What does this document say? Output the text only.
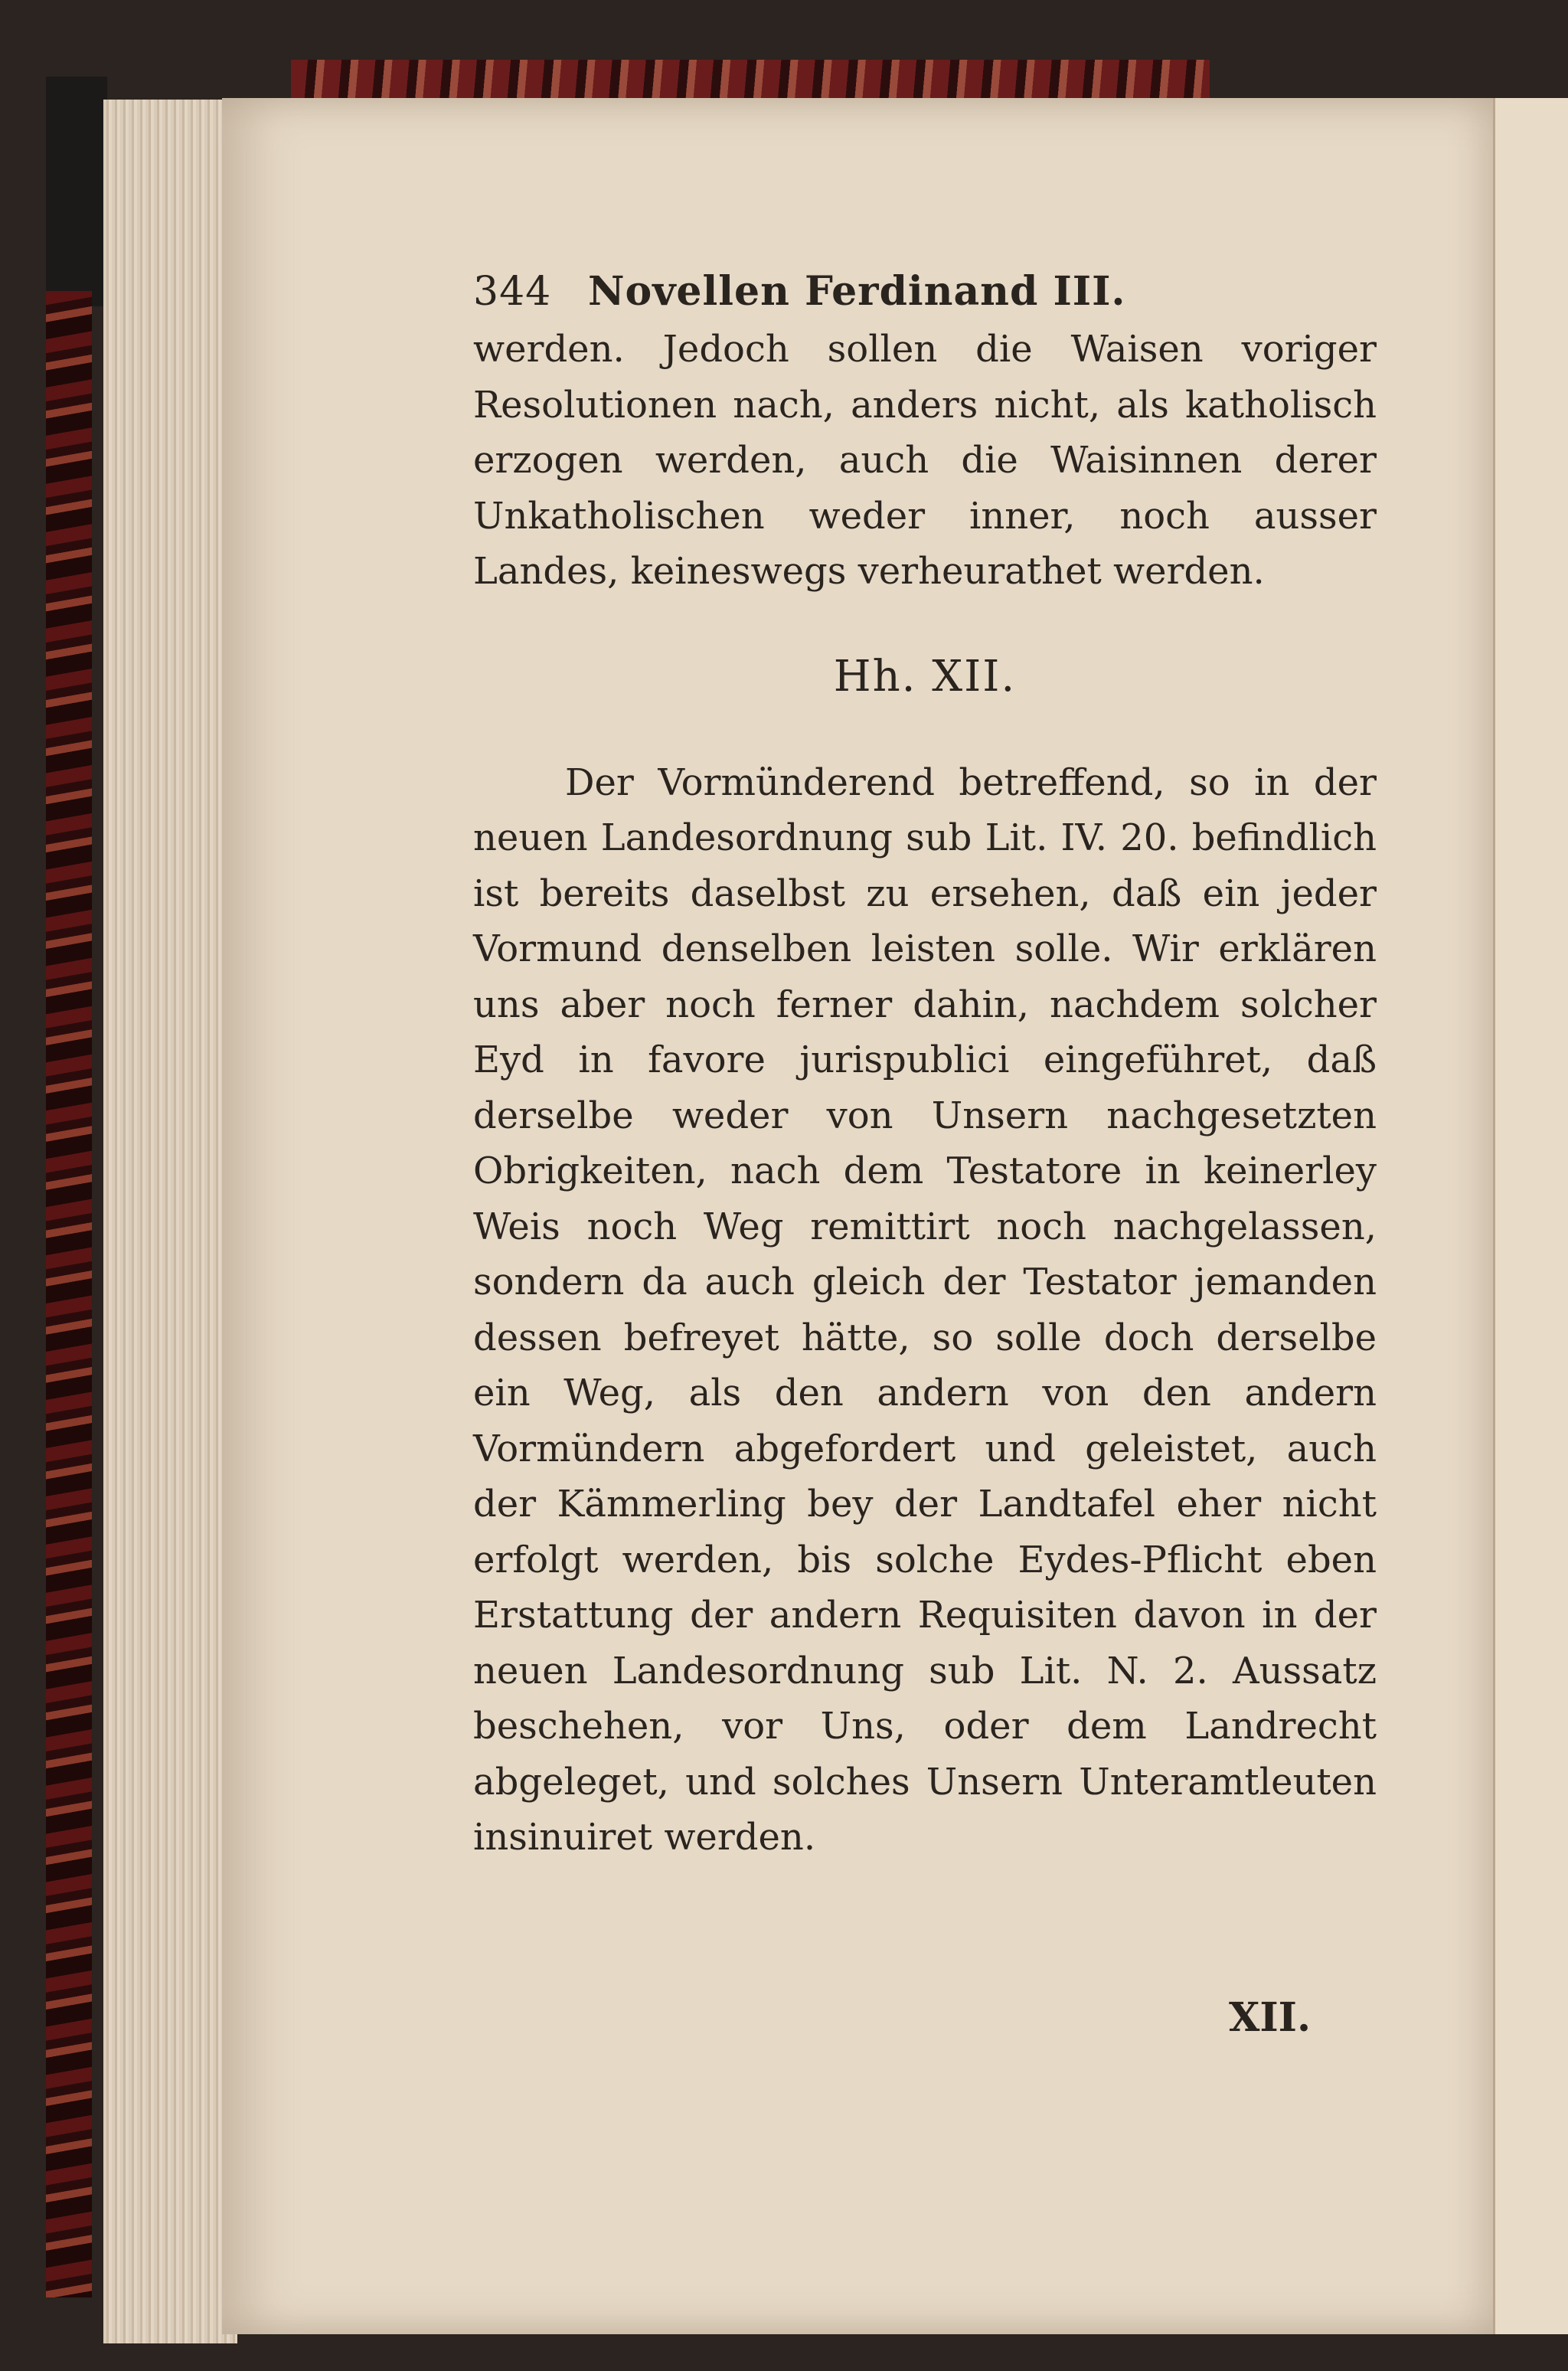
344 Novellen Ferdinand III.

werden. Jedoch sollen die Waisen voriger Resolutionen nach, anders nicht, als katholisch erzogen werden, auch die Waisinnen derer Unkatholischen weder inner, noch ausser Landes, keineswegs verheurathet werden.

Hh. XII.

Der Vormünderend betreffend, so in der neuen Landesordnung sub Lit. IV. 20. befindlich ist bereits daselbst zu ersehen, daß ein jeder Vormund denselben leisten solle. Wir erklären uns aber noch ferner dahin, nachdem solcher Eyd in favore jurispublici eingeführet, daß derselbe weder von Unsern nachgesetzten Obrigkeiten, nach dem Testatore in keinerley Weis noch Weg remittirt noch nachgelassen, sondern da auch gleich der Testator jemanden dessen befreyet hätte, so solle doch derselbe ein Weg, als den andern von den andern Vormündern abgefordert und geleistet, auch der Kämmerling bey der Landtafel eher nicht erfolgt werden, bis solche Eydes-Pflicht eben Erstattung der andern Requisiten davon in der neuen Landesordnung sub Lit. N. 2. Aussatz beschehen, vor Uns, oder dem Landrecht abgeleget, und solches Unsern Unteramtleuten insinuiret werden.

XII.
